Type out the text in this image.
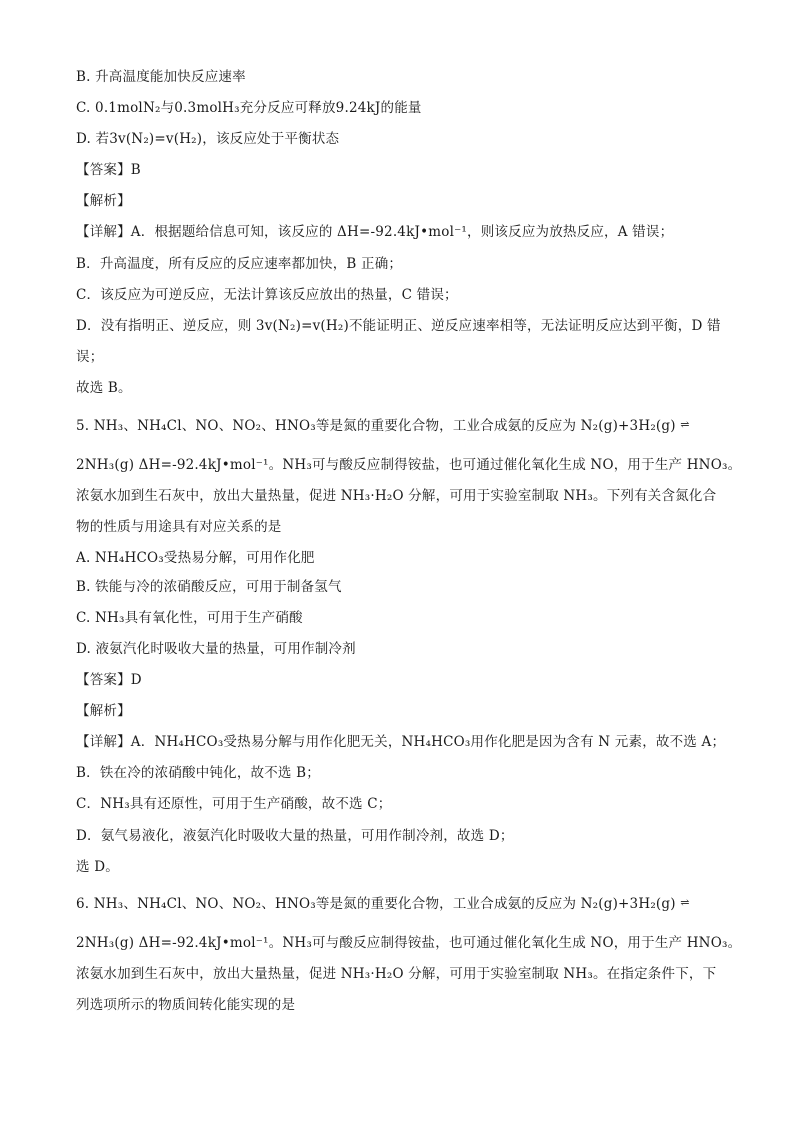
B. 升高温度能加快反应速率
C. 0.1molN₂与0.3molH₃充分反应可释放9.24kJ的能量
D. 若3v(N₂)=v(H₂)，该反应处于平衡状态
【答案】B
【解析】
【详解】A．根据题给信息可知，该反应的 ΔH=-92.4kJ•mol⁻¹，则该反应为放热反应，A 错误；
B．升高温度，所有反应的反应速率都加快，B 正确；
C．该反应为可逆反应，无法计算该反应放出的热量，C 错误；
D．没有指明正、逆反应，则 3v(N₂)=v(H₂)不能证明正、逆反应速率相等，无法证明反应达到平衡，D 错
误；
故选 B。
5. NH₃、NH₄Cl、NO、NO₂、HNO₃等是氮的重要化合物，工业合成氨的反应为 N₂(g)+3H₂(g) ⇌
2NH₃(g) ΔH=-92.4kJ•mol⁻¹。NH₃可与酸反应制得铵盐，也可通过催化氧化生成 NO，用于生产 HNO₃。
浓氨水加到生石灰中，放出大量热量，促进 NH₃·H₂O 分解，可用于实验室制取 NH₃。下列有关含氮化合
物的性质与用途具有对应关系的是
A. NH₄HCO₃受热易分解，可用作化肥
B. 铁能与冷的浓硝酸反应，可用于制备氢气
C. NH₃具有氧化性，可用于生产硝酸
D. 液氨汽化时吸收大量的热量，可用作制冷剂
【答案】D
【解析】
【详解】A．NH₄HCO₃受热易分解与用作化肥无关，NH₄HCO₃用作化肥是因为含有 N 元素，故不选 A；
B．铁在冷的浓硝酸中钝化，故不选 B；
C．NH₃具有还原性，可用于生产硝酸，故不选 C；
D．氨气易液化，液氨汽化时吸收大量的热量，可用作制冷剂，故选 D；
选 D。
6. NH₃、NH₄Cl、NO、NO₂、HNO₃等是氮的重要化合物，工业合成氨的反应为 N₂(g)+3H₂(g) ⇌
2NH₃(g) ΔH=-92.4kJ•mol⁻¹。NH₃可与酸反应制得铵盐，也可通过催化氧化生成 NO，用于生产 HNO₃。
浓氨水加到生石灰中，放出大量热量，促进 NH₃·H₂O 分解，可用于实验室制取 NH₃。在指定条件下，下
列选项所示的物质间转化能实现的是
